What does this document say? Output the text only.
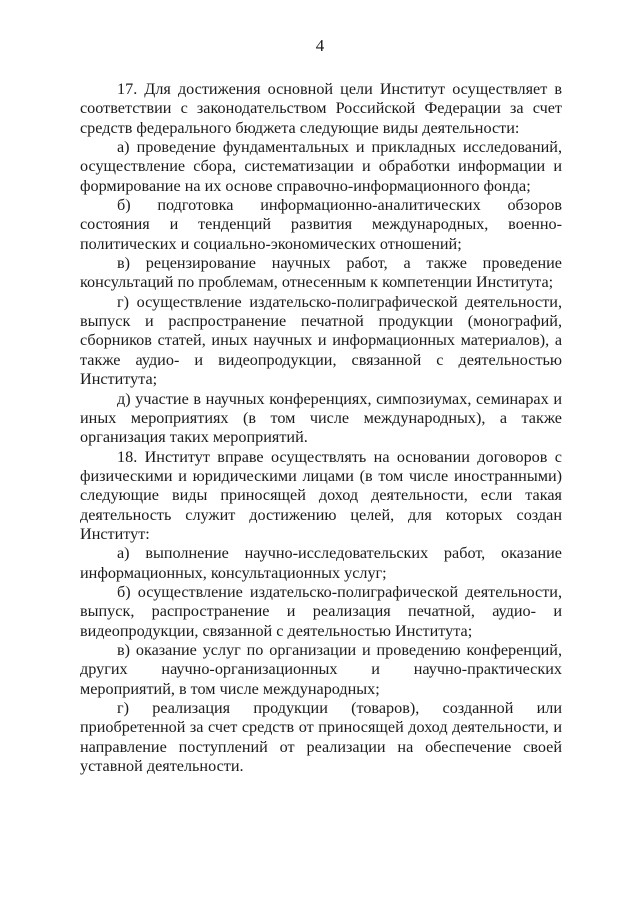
4

17. Для достижения основной цели Институт осуществляет в соответствии с законодательством Российской Федерации за счет средств федерального бюджета следующие виды деятельности:

а) проведение фундаментальных и прикладных исследований, осуществление сбора, систематизации и обработки информации и формирование на их основе справочно-информационного фонда;

б) подготовка информационно-аналитических обзоров состояния и тенденций развития международных, военно-политических и социально-экономических отношений;

в) рецензирование научных работ, а также проведение консультаций по проблемам, отнесенным к компетенции Института;

г) осуществление издательско-полиграфической деятельности, выпуск и распространение печатной продукции (монографий, сборников статей, иных научных и информационных материалов), а также аудио- и видеопродукции, связанной с деятельностью Института;

д) участие в научных конференциях, симпозиумах, семинарах и иных мероприятиях (в том числе международных), а также организация таких мероприятий.

18. Институт вправе осуществлять на основании договоров с физическими и юридическими лицами (в том числе иностранными) следующие виды приносящей доход деятельности, если такая деятельность служит достижению целей, для которых создан Институт:

а) выполнение научно-исследовательских работ, оказание информационных, консультационных услуг;

б) осуществление издательско-полиграфической деятельности, выпуск, распространение и реализация печатной, аудио- и видеопродукции, связанной с деятельностью Института;

в) оказание услуг по организации и проведению конференций, других научно-организационных и научно-практических мероприятий, в том числе международных;

г) реализация продукции (товаров), созданной или приобретенной за счет средств от приносящей доход деятельности, и направление поступлений от реализации на обеспечение своей уставной деятельности.
